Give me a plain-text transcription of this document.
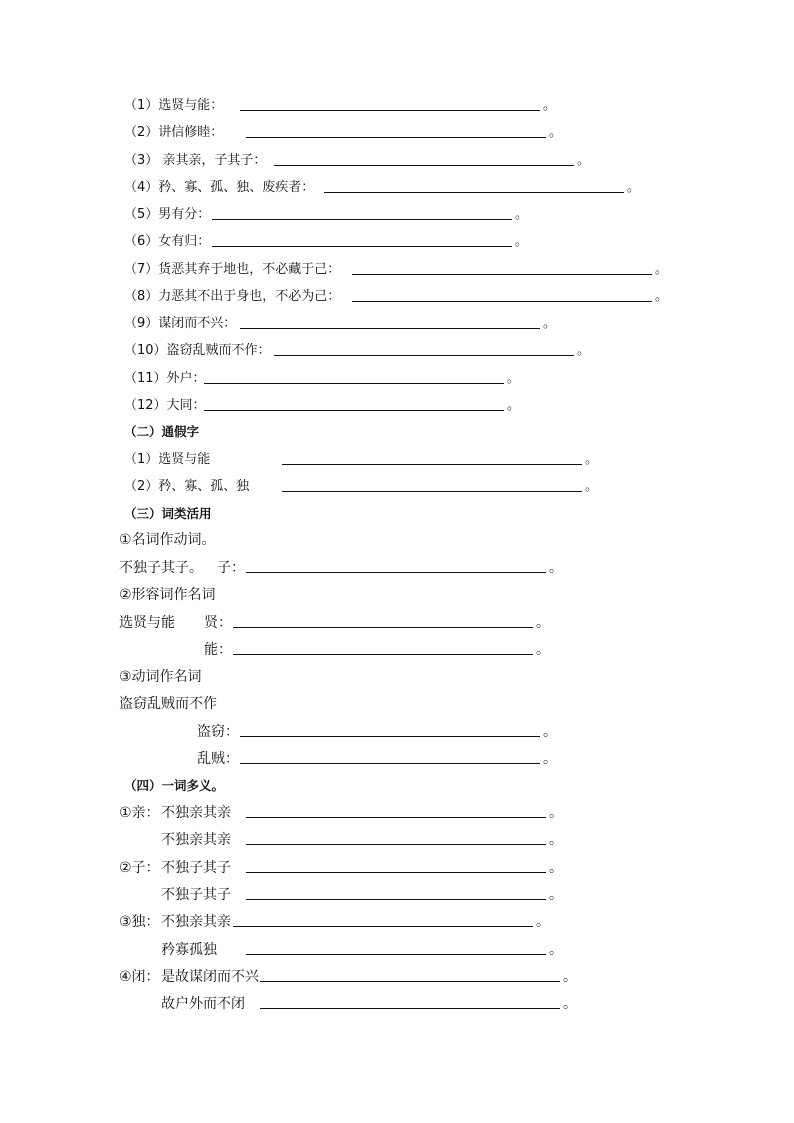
（1）选贤与能：	。
（2）讲信修睦：	。
（3） 亲其亲，子其子：	。
（4）矜、寡、孤、独、废疾者：	。
（5）男有分：	。
（6）女有归：	。
（7）货恶其弃于地也，不必藏于己：	。
（8）力恶其不出于身也，不必为己：	。
（9）谋闭而不兴：	。
（10）盗窃乱贼而不作：	。
（11）外户：	。
（12）大同：	。
（二）通假字
（1）选贤与能	。
（2）矜、寡、孤、独	。
（三）词类活用
①名词作动词。
不独子其子。 子：	。
②形容词作名词
选贤与能 贤：	。
能：	。
③动词作名词
盗窃乱贼而不作
盗窃：	。
乱贼：	。
（四）一词多义。
①亲： 不独亲其亲	。
不独亲其亲	。
②子： 不独子其子	。
不独子其子	。
③独： 不独亲其亲	。
矜寡孤独	。
④闭： 是故谋闭而不兴	。
故户外而不闭	。
